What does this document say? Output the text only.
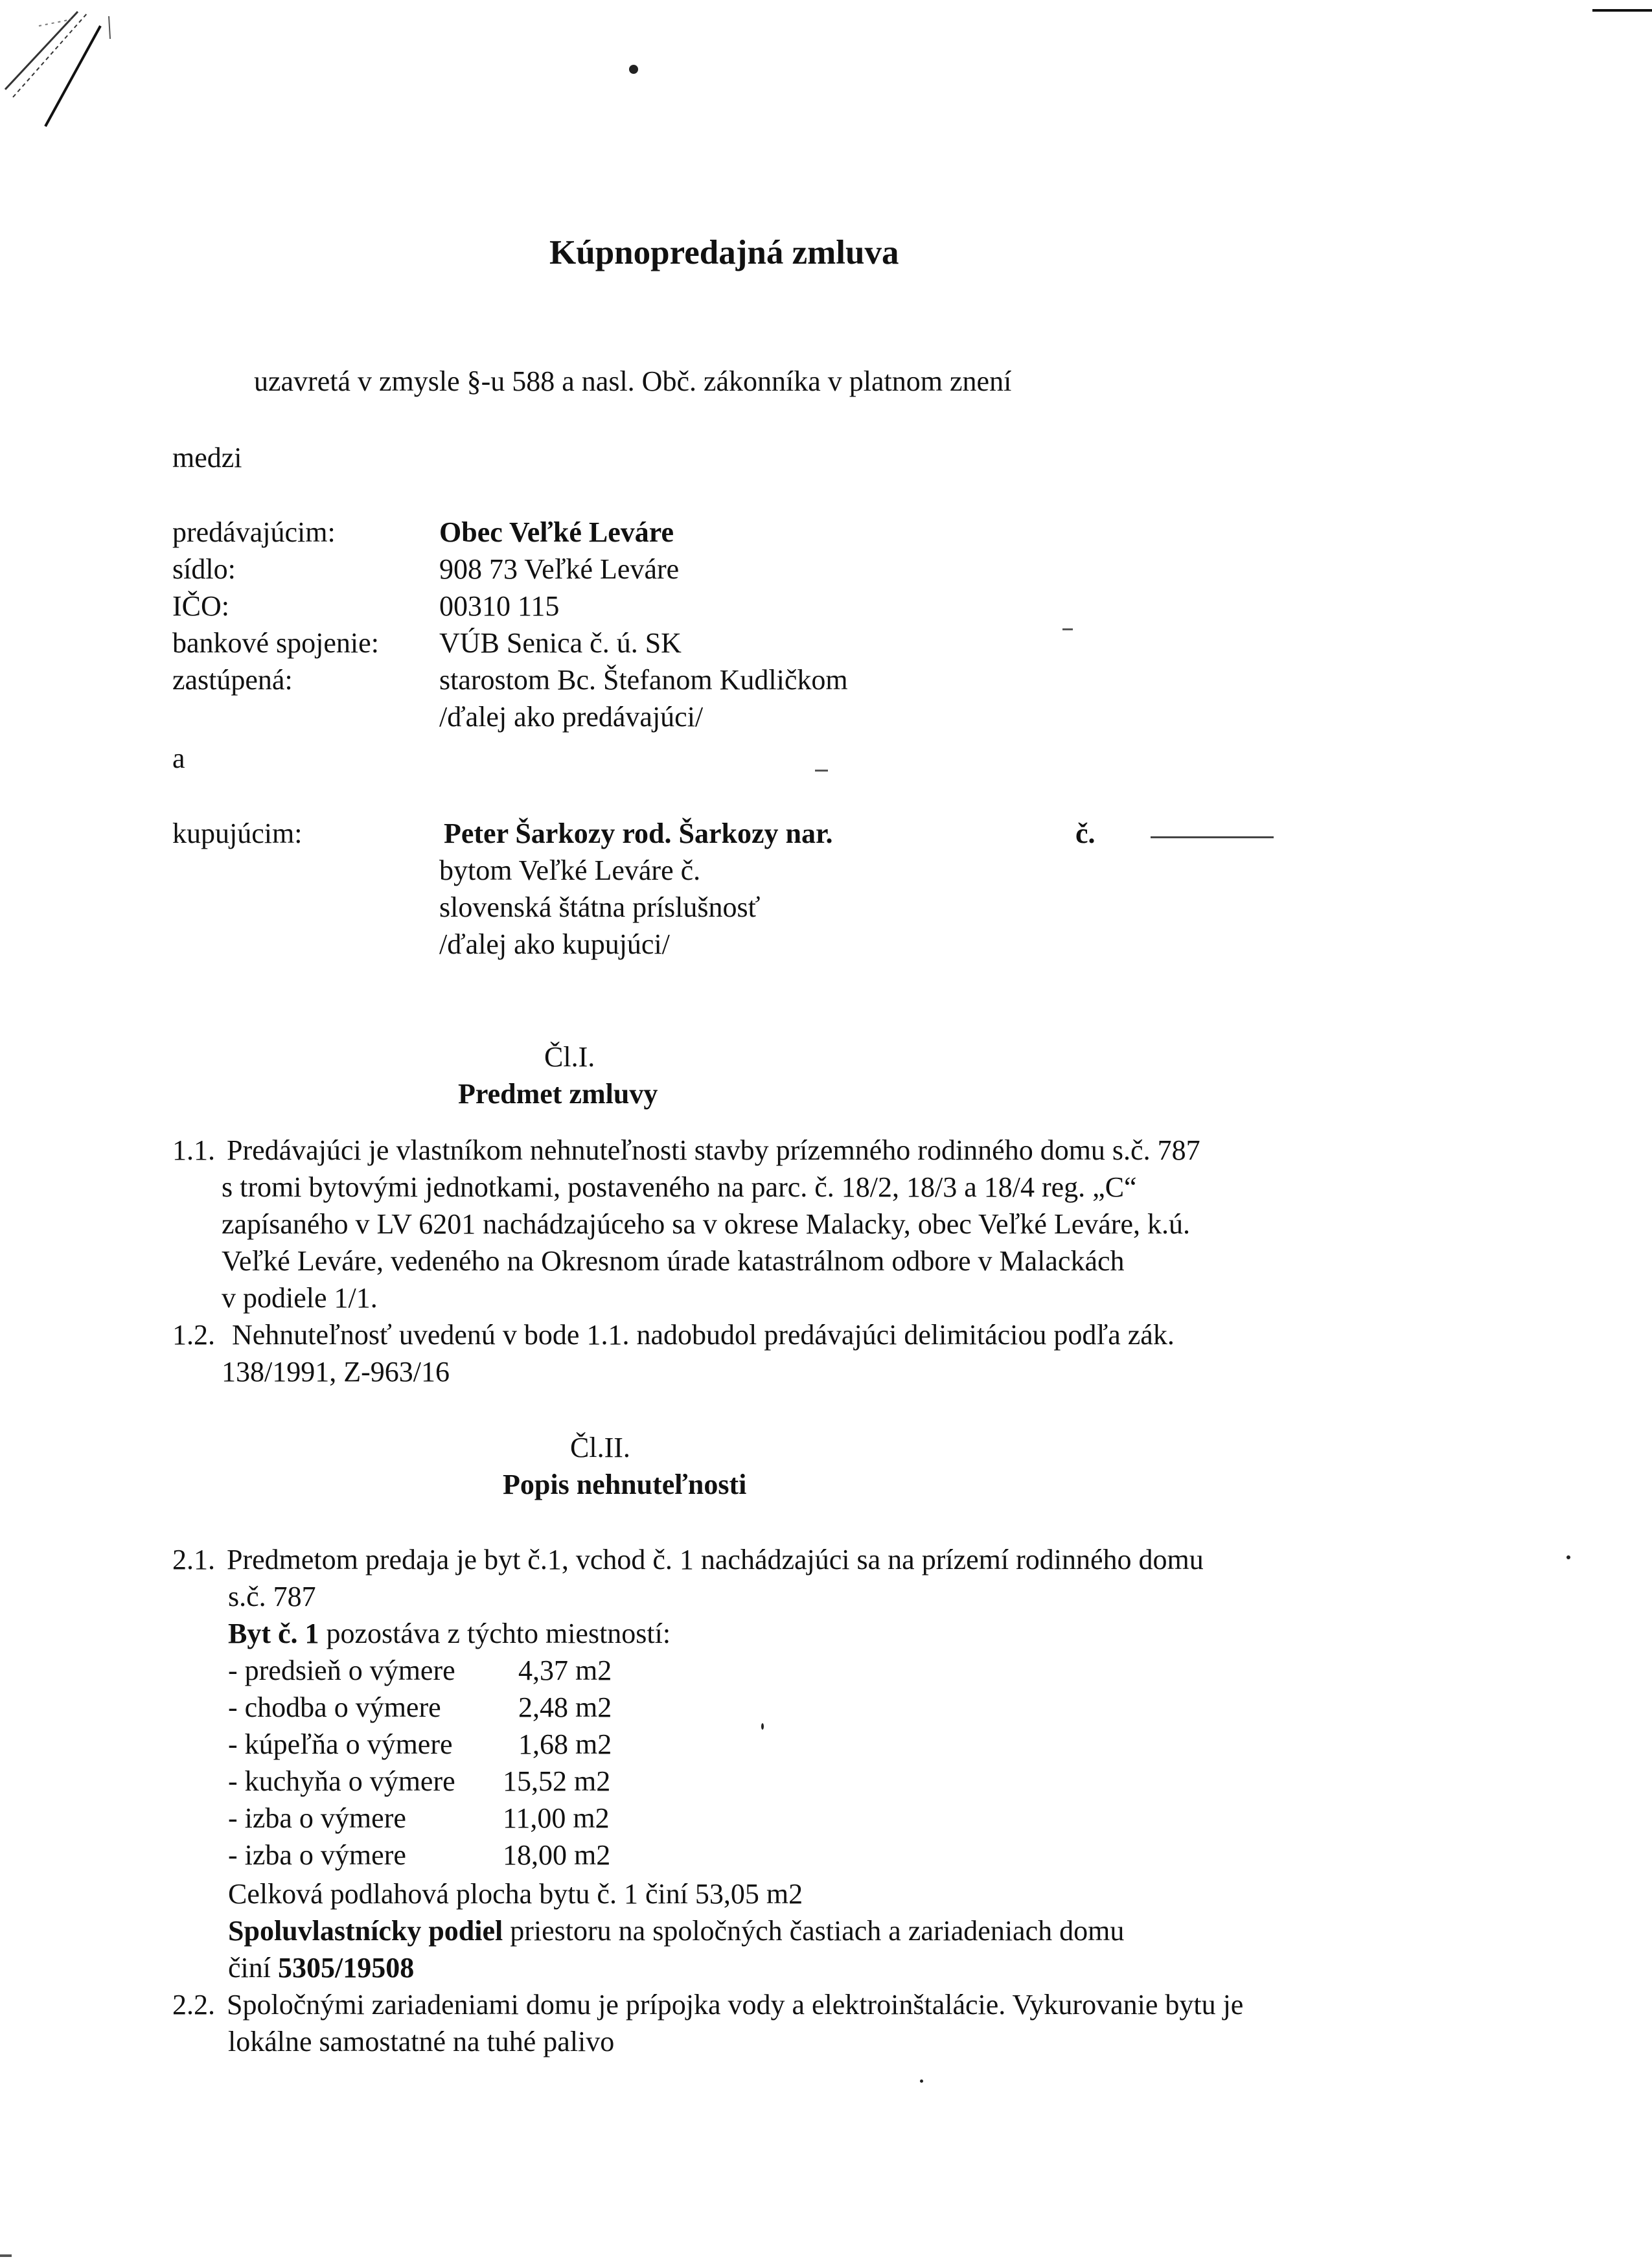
Kúpnopredajná zmluva
uzavretá v zmysle §-u 588 a nasl. Obč. zákonníka v platnom znení
medzi
predávajúcim:	Obec Veľké Leváre
sídlo:	908 73 Veľké Leváre
IČO:	00310 115
bankové spojenie: VÚB Senica č. ú. SK
zastúpená:	starostom Bc. Štefanom Kudličkom
/ďalej ako predávajúci/
a
kupujúcim:	Peter Šarkozy rod. Šarkozy nar.	č.
bytom Veľké Leváre č.
slovenská štátna príslušnosť
/ďalej ako kupujúci/
Čl.I.
Predmet zmluvy
1.1. Predávajúci je vlastníkom nehnuteľnosti stavby prízemného rodinného domu s.č. 787
s tromi bytovými jednotkami, postaveného na parc. č. 18/2, 18/3 a 18/4 reg. „C“
zapísaného v LV 6201 nachádzajúceho sa v okrese Malacky, obec Veľké Leváre, k.ú.
Veľké Leváre, vedeného na Okresnom úrade katastrálnom odbore v Malackách
v podiele 1/1.
1.2. Nehnuteľnosť uvedenú v bode 1.1. nadobudol predávajúci delimitáciou podľa zák.
138/1991, Z-963/16
Čl.II.
Popis nehnuteľnosti
2.1. Predmetom predaja je byt č.1, vchod č. 1 nachádzajúci sa na prízemí rodinného domu
s.č. 787
Byt č. 1 pozostáva z týchto miestností:
- predsieň o výmere 4,37 m2
- chodba o výmere	2,48 m2
- kúpeľňa o výmere 1,68 m2
- kuchyňa o výmere 15,52 m2
- izba o výmere	11,00 m2
- izba o výmere	18,00 m2
Celková podlahová plocha bytu č. 1 činí 53,05 m2
Spoluvlastnícky podiel priestoru na spoločných častiach a zariadeniach domu
činí 5305/19508
2.2. Spoločnými zariadeniami domu je prípojka vody a elektroinštalácie. Vykurovanie bytu je
lokálne samostatné na tuhé palivo
